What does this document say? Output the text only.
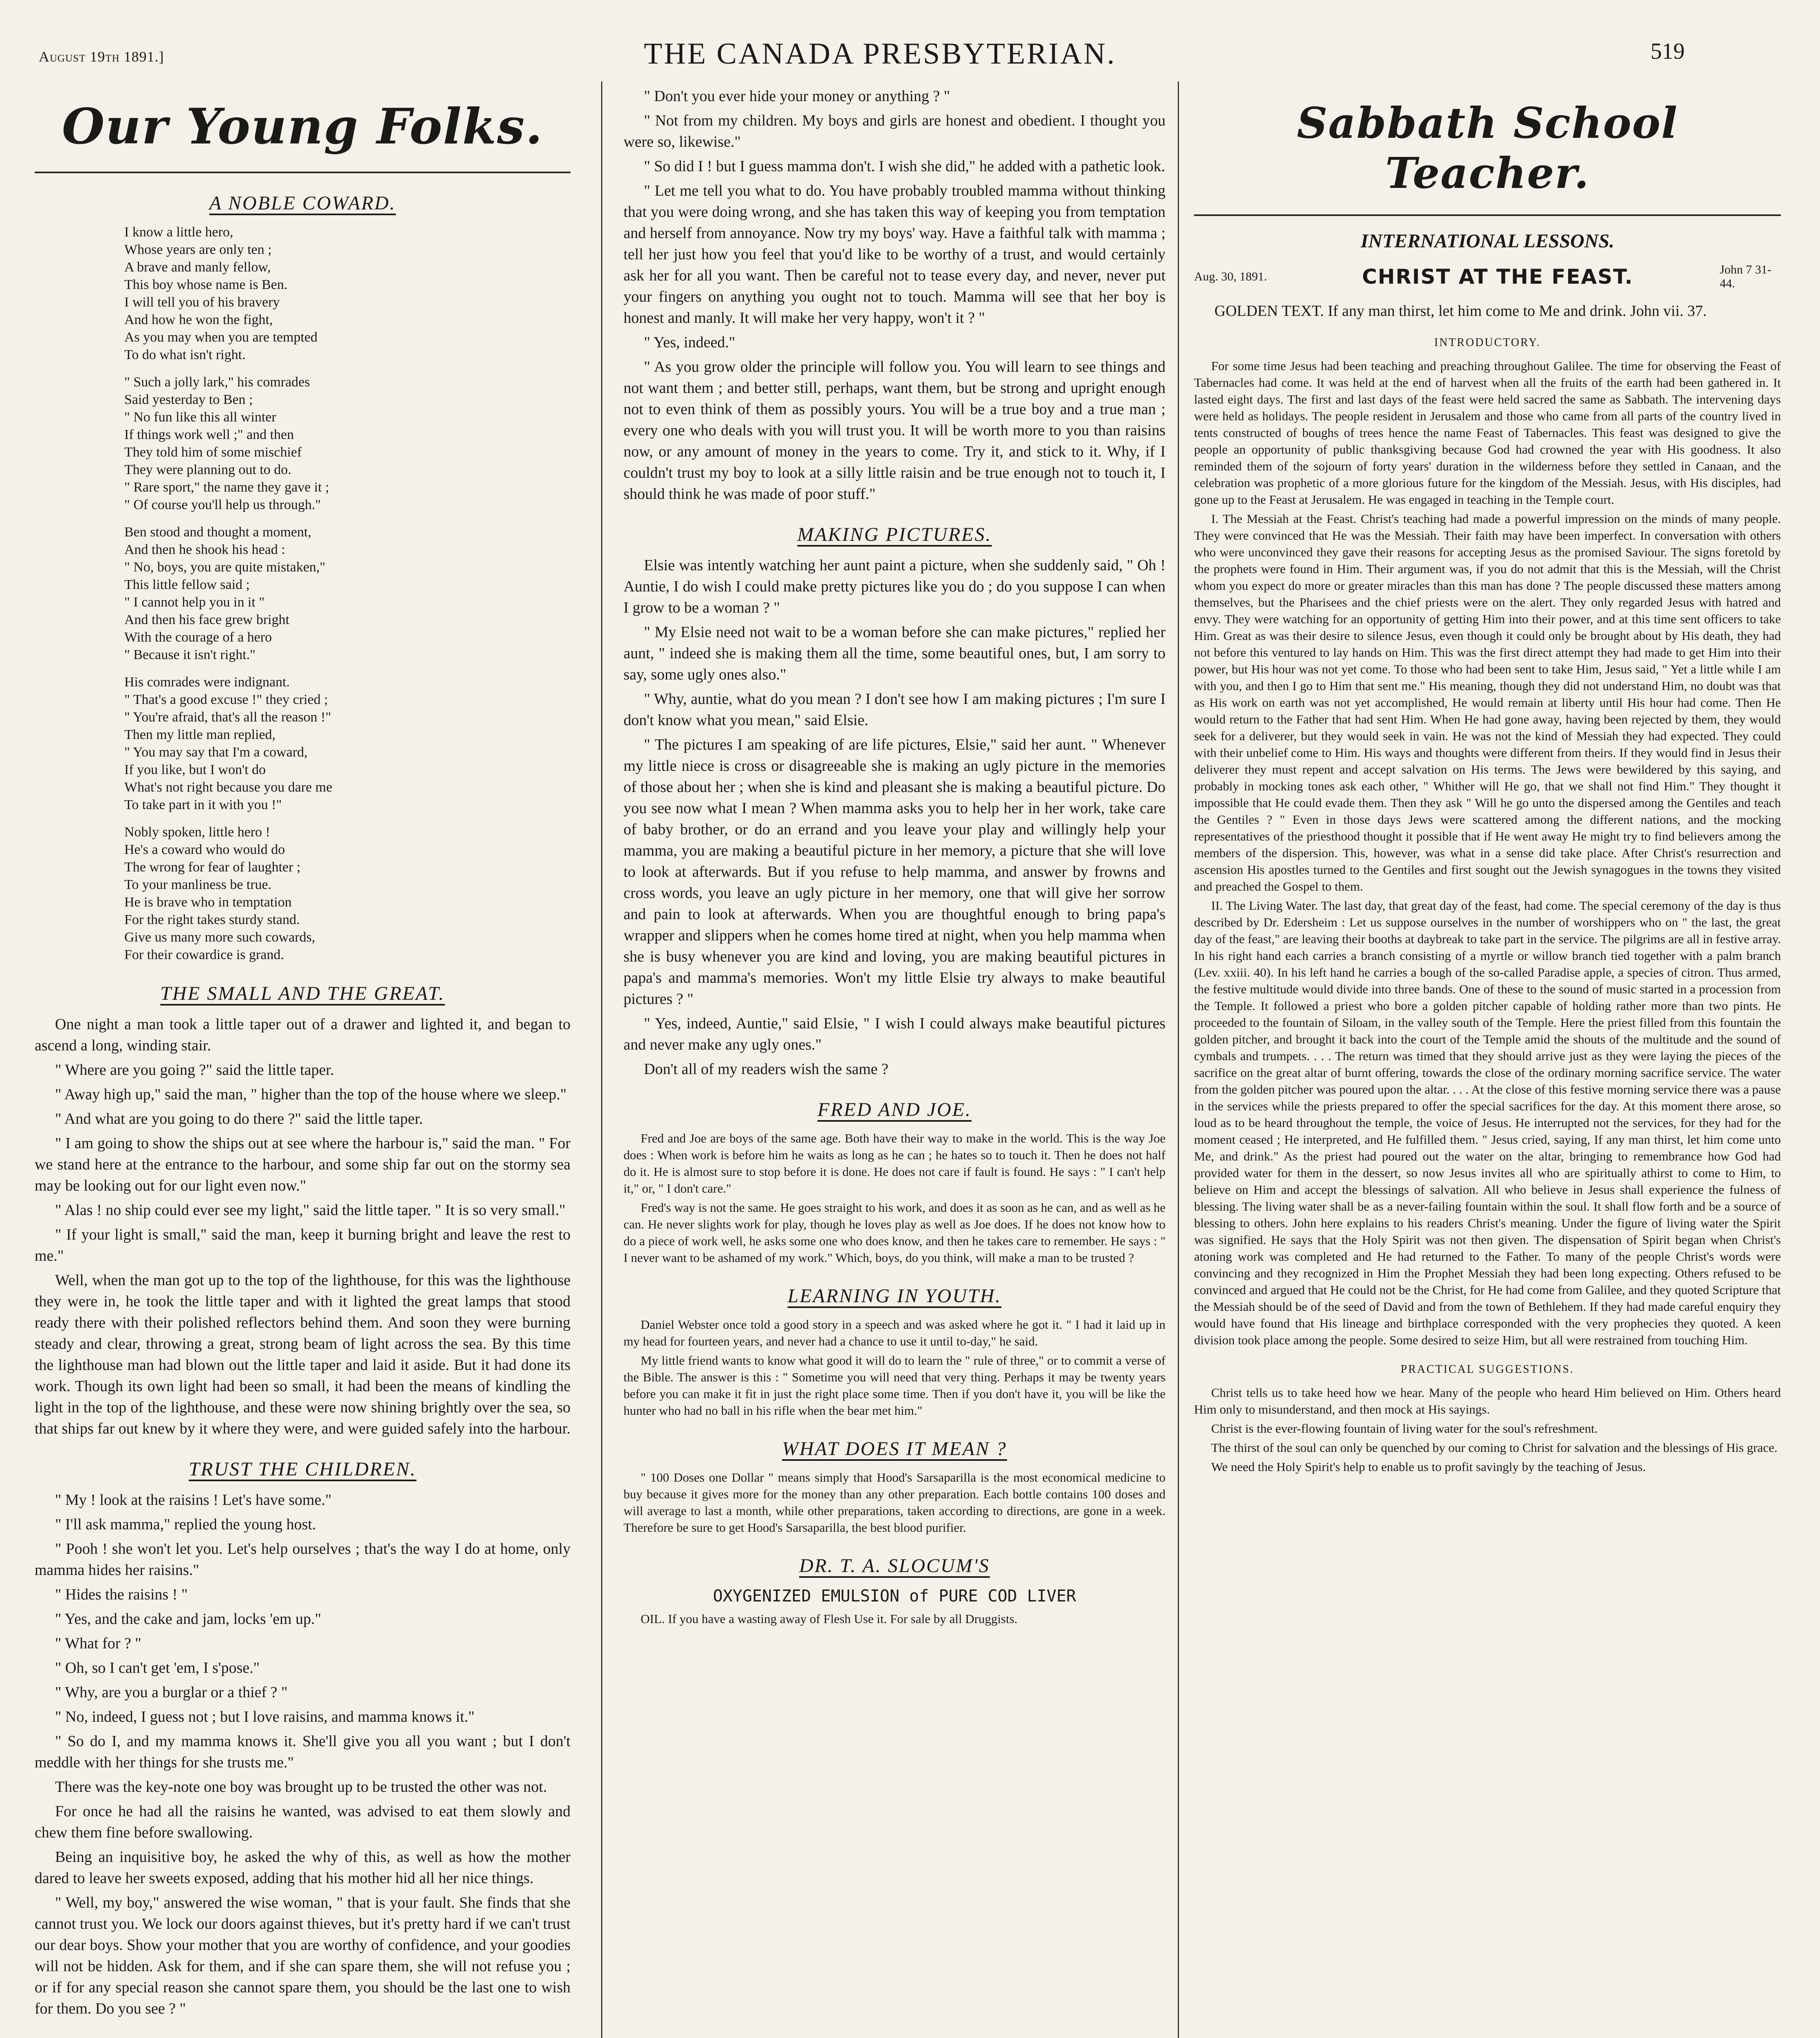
August 19th 1891.]	THE CANADA PRESBYTERIAN.	519
Our Young Folks.
A NOBLE COWARD.

I know a little hero,
Whose years are only ten ;
A brave and manly fellow,
This boy whose name is Ben.
I will tell you of his bravery
And how he won the fight,
As you may when you are tempted
To do what isn't right.

" Such a jolly lark," his comrades
Said yesterday to Ben ;
" No fun like this all winter
If things work well ;" and then
They told him of some mischief
They were planning out to do.
" Rare sport," the name they gave it ;
" Of course you'll help us through."

Ben stood and thought a moment,
And then he shook his head :
" No, boys, you are quite mistaken,"
This little fellow said ;
" I cannot help you in it "
And then his face grew bright
With the courage of a hero
" Because it isn't right."

His comrades were indignant.
" That's a good excuse !" they cried ;
" You're afraid, that's all the reason !"
Then my little man replied,
" You may say that I'm a coward,
If you like, but I won't do
What's not right because you dare me
To take part in it with you !"

Nobly spoken, little hero !
He's a coward who would do
The wrong for fear of laughter ;
To your manliness be true.
He is brave who in temptation
For the right takes sturdy stand.
Give us many more such cowards,
For their cowardice is grand.

THE SMALL AND THE GREAT.

One night a man took a little taper out of a drawer and lighted it, and began to ascend a long, winding stair.

" Where are you going ?" said the little taper.

" Away high up," said the man, " higher than the top of the house where we sleep."

" And what are you going to do there ?" said the little taper.

" I am going to show the ships out at see where the harbour is," said the man. " For we stand here at the entrance to the harbour, and some ship far out on the stormy sea may be looking out for our light even now."

" Alas ! no ship could ever see my light," said the little taper. " It is so very small."

" If your light is small," said the man, keep it burning bright and leave the rest to me."

Well, when the man got up to the top of the lighthouse, for this was the lighthouse they were in, he took the little taper and with it lighted the great lamps that stood ready there with their polished reflectors behind them. And soon they were burning steady and clear, throwing a great, strong beam of light across the sea. By this time the lighthouse man had blown out the little taper and laid it aside. But it had done its work. Though its own light had been so small, it had been the means of kindling the light in the top of the lighthouse, and these were now shining brightly over the sea, so that ships far out knew by it where they were, and were guided safely into the harbour.

TRUST THE CHILDREN.

" My ! look at the raisins ! Let's have some."

" I'll ask mamma," replied the young host.

" Pooh ! she won't let you. Let's help ourselves ; that's the way I do at home, only mamma hides her raisins."

" Hides the raisins ! "

" Yes, and the cake and jam, locks 'em up."

" What for ? "

" Oh, so I can't get 'em, I s'pose."

" Why, are you a burglar or a thief ? "

" No, indeed, I guess not ; but I love raisins, and mamma knows it."

" So do I, and my mamma knows it. She'll give you all you want ; but I don't meddle with her things for she trusts me."

There was the key-note one boy was brought up to be trusted the other was not.

For once he had all the raisins he wanted, was advised to eat them slowly and chew them fine before swallowing.

Being an inquisitive boy, he asked the why of this, as well as how the mother dared to leave her sweets exposed, adding that his mother hid all her nice things.

" Well, my boy," answered the wise woman, " that is your fault. She finds that she cannot trust you. We lock our doors against thieves, but it's pretty hard if we can't trust our dear boys. Show your mother that you are worthy of confidence, and your goodies will not be hidden. Ask for them, and if she can spare them, she will not refuse you ; or if for any special reason she cannot spare them, you should be the last one to wish for them. Do you see ? "

" Don't you ever hide your money or anything ? "

" Not from my children. My boys and girls are honest and obedient. I thought you were so, likewise."

" So did I ! but I guess mamma don't. I wish she did," he added with a pathetic look.

" Let me tell you what to do. You have probably troubled mamma without thinking that you were doing wrong, and she has taken this way of keeping you from temptation and herself from annoyance. Now try my boys' way. Have a faithful talk with mamma ; tell her just how you feel that you'd like to be worthy of a trust, and would certainly ask her for all you want. Then be careful not to tease every day, and never, never put your fingers on anything you ought not to touch. Mamma will see that her boy is honest and manly. It will make her very happy, won't it ? "

" Yes, indeed."

" As you grow older the principle will follow you. You will learn to see things and not want them ; and better still, perhaps, want them, but be strong and upright enough not to even think of them as possibly yours. You will be a true boy and a true man ; every one who deals with you will trust you. It will be worth more to you than raisins now, or any amount of money in the years to come. Try it, and stick to it. Why, if I couldn't trust my boy to look at a silly little raisin and be true enough not to touch it, I should think he was made of poor stuff."

MAKING PICTURES.

Elsie was intently watching her aunt paint a picture, when she suddenly said, " Oh ! Auntie, I do wish I could make pretty pictures like you do ; do you suppose I can when I grow to be a woman ? "

" My Elsie need not wait to be a woman before she can make pictures," replied her aunt, " indeed she is making them all the time, some beautiful ones, but, I am sorry to say, some ugly ones also."

" Why, auntie, what do you mean ? I don't see how I am making pictures ; I'm sure I don't know what you mean," said Elsie.

" The pictures I am speaking of are life pictures, Elsie," said her aunt. " Whenever my little niece is cross or disagreeable she is making an ugly picture in the memories of those about her ; when she is kind and pleasant she is making a beautiful picture. Do you see now what I mean ? When mamma asks you to help her in her work, take care of baby brother, or do an errand and you leave your play and willingly help your mamma, you are making a beautiful picture in her memory, a picture that she will love to look at afterwards. But if you refuse to help mamma, and answer by frowns and cross words, you leave an ugly picture in her memory, one that will give her sorrow and pain to look at afterwards. When you are thoughtful enough to bring papa's wrapper and slippers when he comes home tired at night, when you help mamma when she is busy whenever you are kind and loving, you are making beautiful pictures in papa's and mamma's memories. Won't my little Elsie try always to make beautiful pictures ? "

" Yes, indeed, Auntie," said Elsie, " I wish I could always make beautiful pictures and never make any ugly ones."

Don't all of my readers wish the same ?

FRED AND JOE.

Fred and Joe are boys of the same age. Both have their way to make in the world. This is the way Joe does : When work is before him he waits as long as he can ; he hates so to touch it. Then he does not half do it. He is almost sure to stop before it is done. He does not care if fault is found. He says : " I can't help it," or, " I don't care."

Fred's way is not the same. He goes straight to his work, and does it as soon as he can, and as well as he can. He never slights work for play, though he loves play as well as Joe does. If he does not know how to do a piece of work well, he asks some one who does know, and then he takes care to remember. He says : " I never want to be ashamed of my work." Which, boys, do you think, will make a man to be trusted ?

LEARNING IN YOUTH.

Daniel Webster once told a good story in a speech and was asked where he got it. " I had it laid up in my head for fourteen years, and never had a chance to use it until to-day," he said.

My little friend wants to know what good it will do to learn the " rule of three," or to commit a verse of the Bible. The answer is this : " Sometime you will need that very thing. Perhaps it may be twenty years before you can make it fit in just the right place some time. Then if you don't have it, you will be like the hunter who had no ball in his rifle when the bear met him."

WHAT DOES IT MEAN ?

" 100 Doses one Dollar " means simply that Hood's Sarsaparilla is the most economical medicine to buy because it gives more for the money than any other preparation. Each bottle contains 100 doses and will average to last a month, while other preparations, taken according to directions, are gone in a week. Therefore be sure to get Hood's Sarsaparilla, the best blood purifier.

DR. T. A. SLOCUM'S

OXYGENIZED EMULSION of PURE COD LIVER

OIL. If you have a wasting away of Flesh Use it. For sale by all Druggists.

Sabbath School Teacher.
INTERNATIONAL LESSONS.
Aug. 30, 1891.	CHRIST AT THE FEAST.	John 7 31-44.

GOLDEN TEXT. If any man thirst, let him come to Me and drink. John vii. 37.

INTRODUCTORY.

For some time Jesus had been teaching and preaching throughout Galilee. The time for observing the Feast of Tabernacles had come. It was held at the end of harvest when all the fruits of the earth had been gathered in. It lasted eight days. The first and last days of the feast were held sacred the same as Sabbath. The intervening days were held as holidays. The people resident in Jerusalem and those who came from all parts of the country lived in tents constructed of boughs of trees hence the name Feast of Tabernacles. This feast was designed to give the people an opportunity of public thanksgiving because God had crowned the year with His goodness. It also reminded them of the sojourn of forty years' duration in the wilderness before they settled in Canaan, and the celebration was prophetic of a more glorious future for the kingdom of the Messiah. Jesus, with His disciples, had gone up to the Feast at Jerusalem. He was engaged in teaching in the Temple court.

I. The Messiah at the Feast. Christ's teaching had made a powerful impression on the minds of many people. They were convinced that He was the Messiah. Their faith may have been imperfect. In conversation with others who were unconvinced they gave their reasons for accepting Jesus as the promised Saviour. The signs foretold by the prophets were found in Him. Their argument was, if you do not admit that this is the Messiah, will the Christ whom you expect do more or greater miracles than this man has done ? The people discussed these matters among themselves, but the Pharisees and the chief priests were on the alert. They only regarded Jesus with hatred and envy. They were watching for an opportunity of getting Him into their power, and at this time sent officers to take Him. Great as was their desire to silence Jesus, even though it could only be brought about by His death, they had not before this ventured to lay hands on Him. This was the first direct attempt they had made to get Him into their power, but His hour was not yet come. To those who had been sent to take Him, Jesus said, " Yet a little while I am with you, and then I go to Him that sent me." His meaning, though they did not understand Him, no doubt was that as His work on earth was not yet accomplished, He would remain at liberty until His hour had come. Then He would return to the Father that had sent Him. When He had gone away, having been rejected by them, they would seek for a deliverer, but they would seek in vain. He was not the kind of Messiah they had expected. They could with their unbelief come to Him. His ways and thoughts were different from theirs. If they would find in Jesus their deliverer they must repent and accept salvation on His terms. The Jews were bewildered by this saying, and probably in mocking tones ask each other, " Whither will He go, that we shall not find Him." They thought it impossible that He could evade them. Then they ask " Will he go unto the dispersed among the Gentiles and teach the Gentiles ? " Even in those days Jews were scattered among the different nations, and the mocking representatives of the priesthood thought it possible that if He went away He might try to find believers among the members of the dispersion. This, however, was what in a sense did take place. After Christ's resurrection and ascension His apostles turned to the Gentiles and first sought out the Jewish synagogues in the towns they visited and preached the Gospel to them.

II. The Living Water. The last day, that great day of the feast, had come. The special ceremony of the day is thus described by Dr. Edersheim : Let us suppose ourselves in the number of worshippers who on " the last, the great day of the feast," are leaving their booths at daybreak to take part in the service. The pilgrims are all in festive array. In his right hand each carries a branch consisting of a myrtle or willow branch tied together with a palm branch (Lev. xxiii. 40). In his left hand he carries a bough of the so-called Paradise apple, a species of citron. Thus armed, the festive multitude would divide into three bands. One of these to the sound of music started in a procession from the Temple. It followed a priest who bore a golden pitcher capable of holding rather more than two pints. He proceeded to the fountain of Siloam, in the valley south of the Temple. Here the priest filled from this fountain the golden pitcher, and brought it back into the court of the Temple amid the shouts of the multitude and the sound of cymbals and trumpets. . . . The return was timed that they should arrive just as they were laying the pieces of the sacrifice on the great altar of burnt offering, towards the close of the ordinary morning sacrifice service. The water from the golden pitcher was poured upon the altar. . . . At the close of this festive morning service there was a pause in the services while the priests prepared to offer the special sacrifices for the day. At this moment there arose, so loud as to be heard throughout the temple, the voice of Jesus. He interrupted not the services, for they had for the moment ceased ; He interpreted, and He fulfilled them. " Jesus cried, saying, If any man thirst, let him come unto Me, and drink." As the priest had poured out the water on the altar, bringing to remembrance how God had provided water for them in the dessert, so now Jesus invites all who are spiritually athirst to come to Him, to believe on Him and accept the blessings of salvation. All who believe in Jesus shall experience the fulness of blessing. The living water shall be as a never-failing fountain within the soul. It shall flow forth and be a source of blessing to others. John here explains to his readers Christ's meaning. Under the figure of living water the Spirit was signified. He says that the Holy Spirit was not then given. The dispensation of Spirit began when Christ's atoning work was completed and He had returned to the Father. To many of the people Christ's words were convincing and they recognized in Him the Prophet Messiah they had been long expecting. Others refused to be convinced and argued that He could not be the Christ, for He had come from Galilee, and they quoted Scripture that the Messiah should be of the seed of David and from the town of Bethlehem. If they had made careful enquiry they would have found that His lineage and birthplace corresponded with the very prophecies they quoted. A keen division took place among the people. Some desired to seize Him, but all were restrained from touching Him.

PRACTICAL SUGGESTIONS.

Christ tells us to take heed how we hear. Many of the people who heard Him believed on Him. Others heard Him only to misunderstand, and then mock at His sayings.

Christ is the ever-flowing fountain of living water for the soul's refreshment.

The thirst of the soul can only be quenched by our coming to Christ for salvation and the blessings of His grace.

We need the Holy Spirit's help to enable us to profit savingly by the teaching of Jesus.
